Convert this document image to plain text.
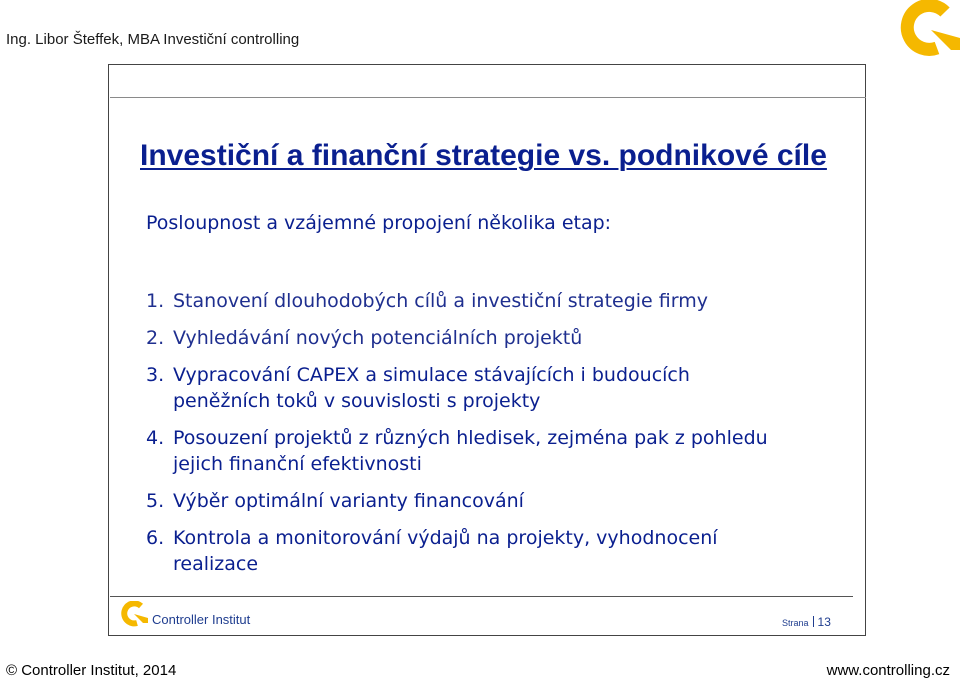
Ing. Libor Šteffek, MBA Investiční controlling
Investiční a finanční strategie vs. podnikové cíle
Posloupnost a vzájemné propojení několika etap:
1. Stanovení dlouhodobých cílů a investiční strategie firmy
2. Vyhledávání nových potenciálních projektů
3. Vypracování CAPEX a simulace stávajících i budoucích peněžních toků v souvislosti s projekty
4. Posouzení projektů z různých hledisek, zejména pak z pohledu jejich finanční efektivnosti
5. Výběr optimální varianty financování
6. Kontrola a monitorování výdajů na projekty, vyhodnocení realizace
Controller Institut	Strana 13
© Controller Institut, 2014	www.controlling.cz
